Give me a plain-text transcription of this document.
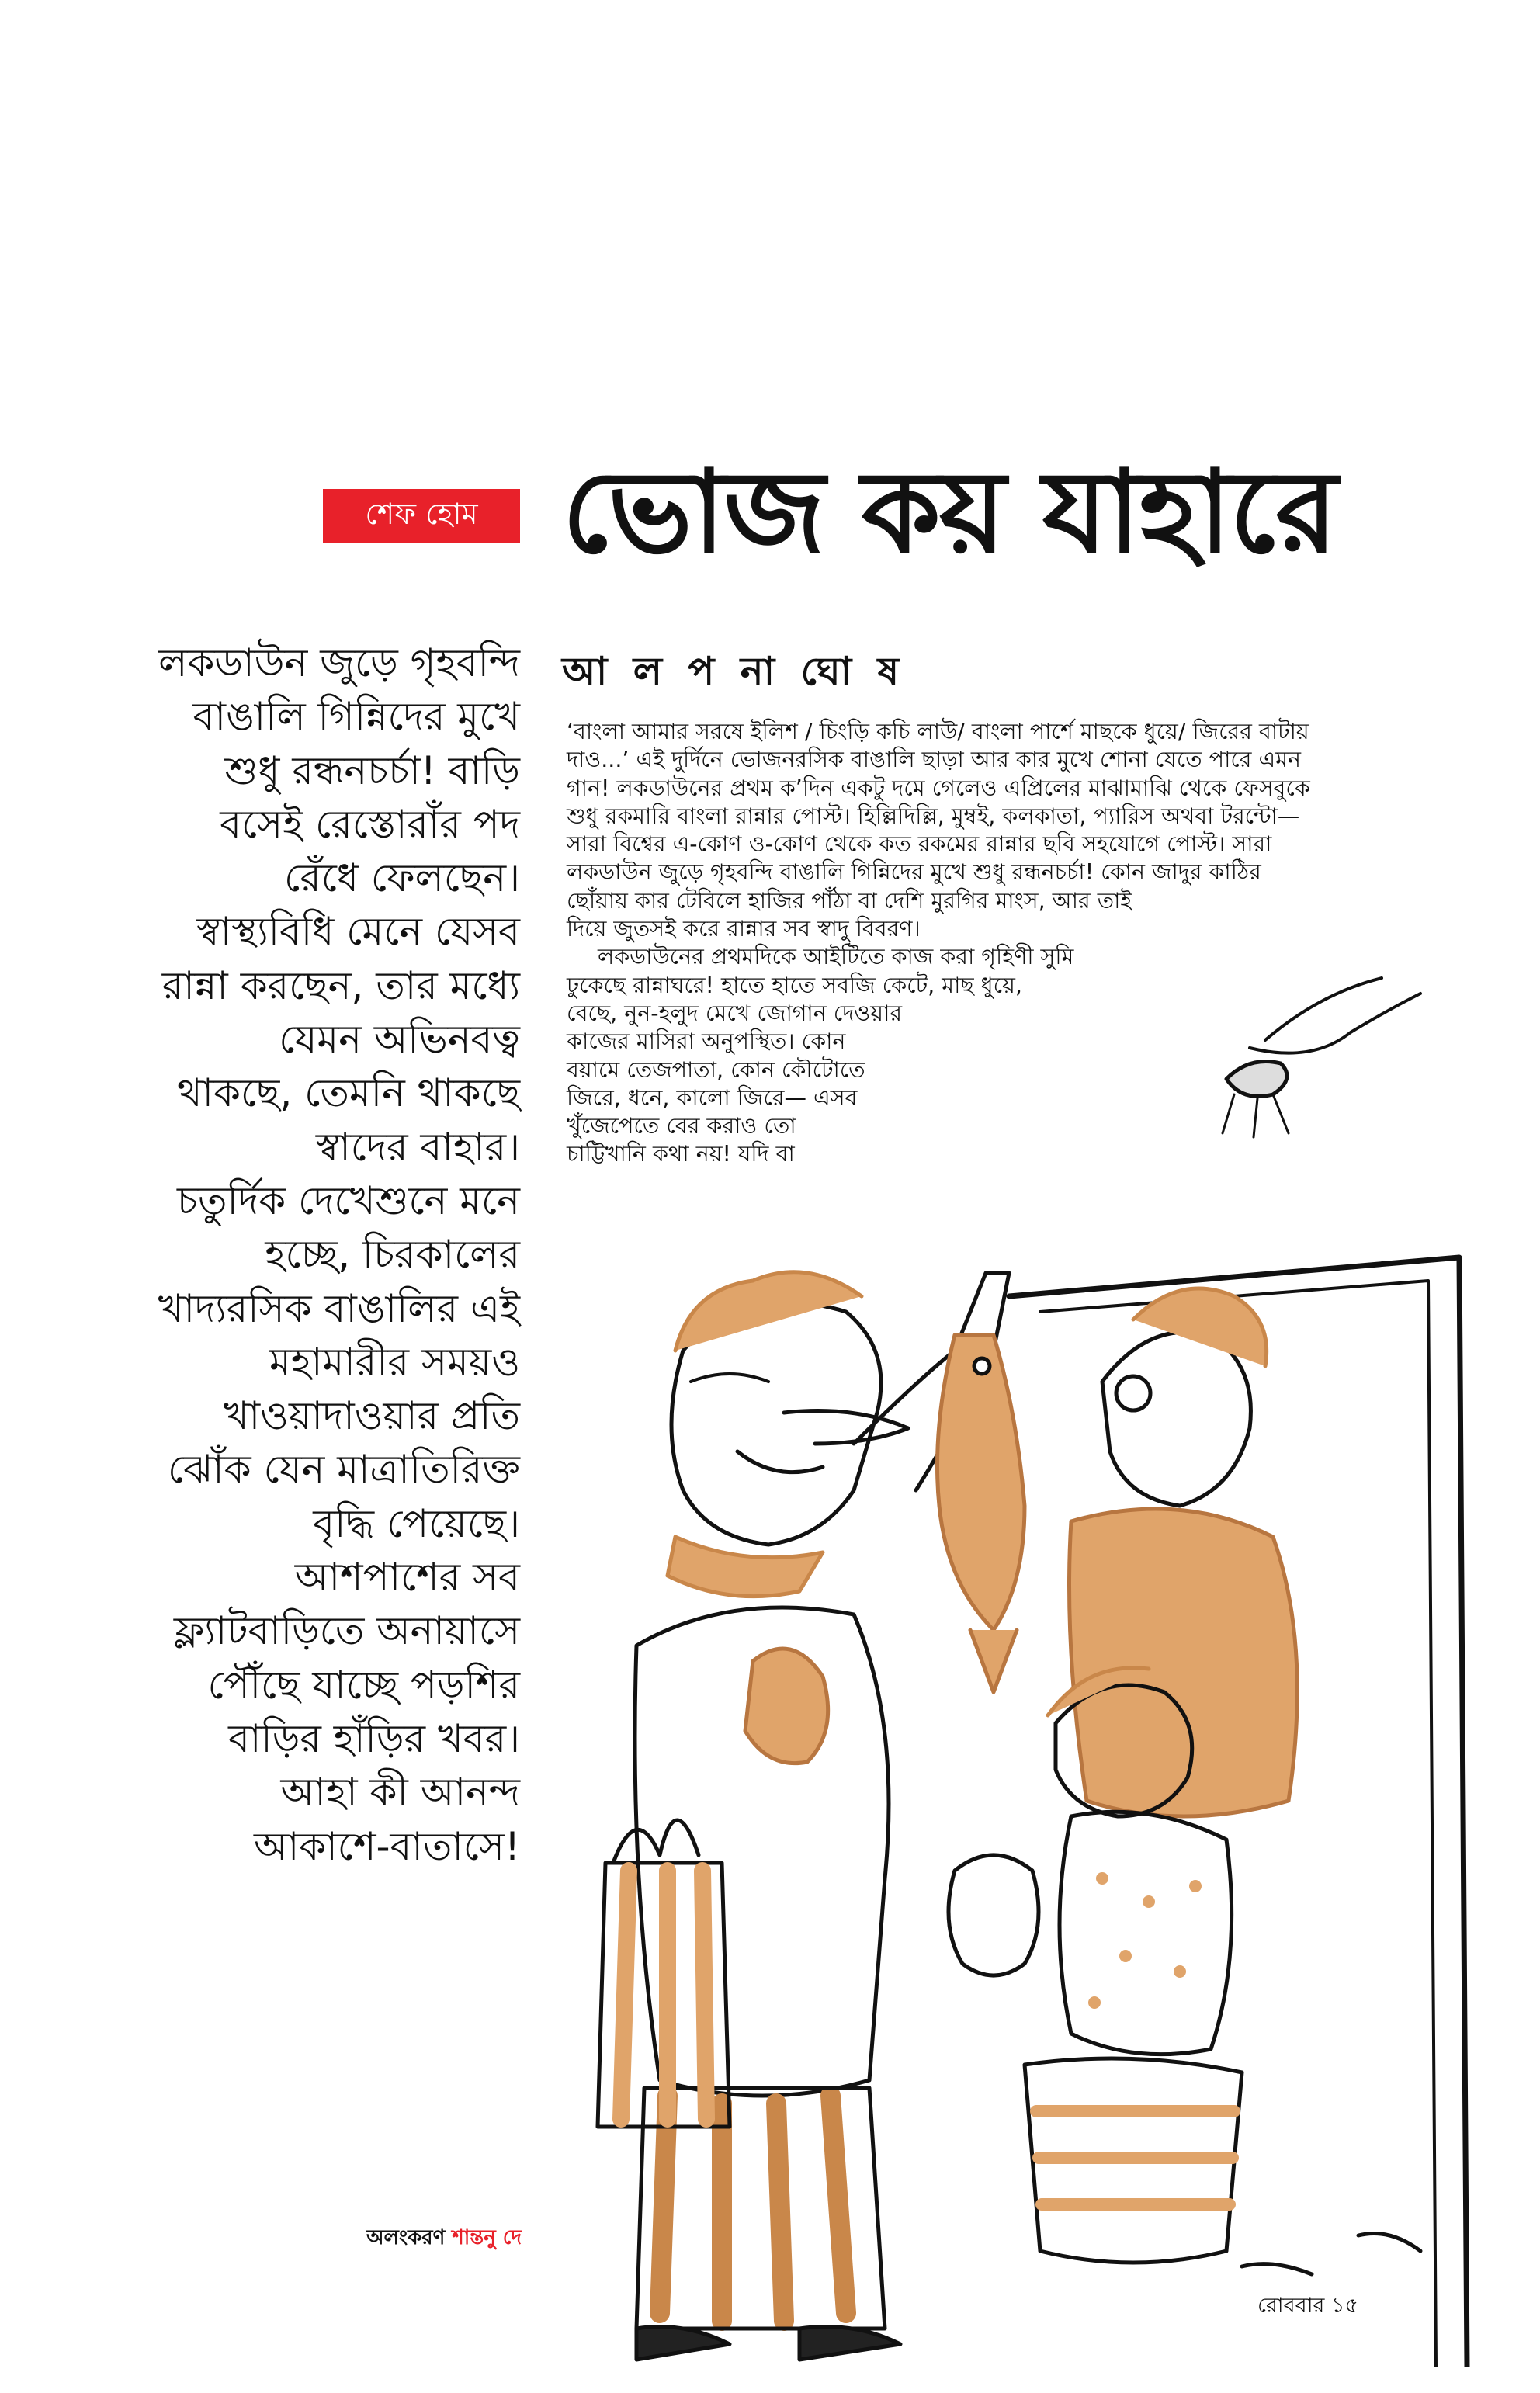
শেফ হোম ভোজ কয় যাহারে
লকডাউন জুড়ে গৃহবন্দি
বাঙালি গিন্নিদের মুখে
শুধু রন্ধনচর্চা! বাড়ি
বসেই রেস্তোরাঁর পদ
রেঁধে ফেলছেন।
স্বাস্থ্যবিধি মেনে যেসব
রান্না করছেন, তার মধ্যে
যেমন অভিনবত্ব
থাকছে, তেমনি থাকছে
স্বাদের বাহার।
চতুর্দিক দেখেশুনে মনে
হচ্ছে, চিরকালের
খাদ্যরসিক বাঙালির এই
মহামারীর সময়ও
খাওয়াদাওয়ার প্রতি
ঝোঁক যেন মাত্রাতিরিক্ত
বৃদ্ধি পেয়েছে।
আশপাশের সব
ফ্ল্যাটবাড়িতে অনায়াসে
পৌঁছে যাচ্ছে পড়শির
বাড়ির হাঁড়ির খবর।
আহা কী আনন্দ
আকাশে-বাতাসে!
আ ল প না ঘো ষ
‘বাংলা আমার সরষে ইলিশ / চিংড়ি কচি লাউ/ বাংলা পার্শে মাছকে ধুয়ে/ জিরের বাটায়
দাও...’ এই দুর্দিনে ভোজনরসিক বাঙালি ছাড়া আর কার মুখে শোনা যেতে পারে এমন
গান! লকডাউনের প্রথম ক’দিন একটু দমে গেলেও এপ্রিলের মাঝামাঝি থেকে ফেসবুকে
শুধু রকমারি বাংলা রান্নার পোস্ট। হিল্লিদিল্লি, মুম্বই, কলকাতা, প্যারিস অথবা টরন্টো—
সারা বিশ্বের এ-কোণ ও-কোণ থেকে কত রকমের রান্নার ছবি সহযোগে পোস্ট। সারা
লকডাউন জুড়ে গৃহবন্দি বাঙালি গিন্নিদের মুখে শুধু রন্ধনচর্চা! কোন জাদুর কাঠির
ছোঁয়ায় কার টেবিলে হাজির পাঁঠা বা দেশি মুরগির মাংস, আর তাই
দিয়ে জুতসই করে রান্নার সব স্বাদু বিবরণ।
লকডাউনের প্রথমদিকে আইটিতে কাজ করা গৃহিণী সুমি
ঢুকেছে রান্নাঘরে! হাতে হাতে সবজি কেটে, মাছ ধুয়ে,
বেছে, নুন-হলুদ মেখে জোগান দেওয়ার
কাজের মাসিরা অনুপস্থিত। কোন
বয়ামে তেজপাতা, কোন কৌটোতে
জিরে, ধনে, কালো জিরে— এসব
খুঁজেপেতে বের করাও তো
চাট্টিখানি কথা নয়! যদি বা
অলংকরণ শান্তনু দে
রোববার ১৫
